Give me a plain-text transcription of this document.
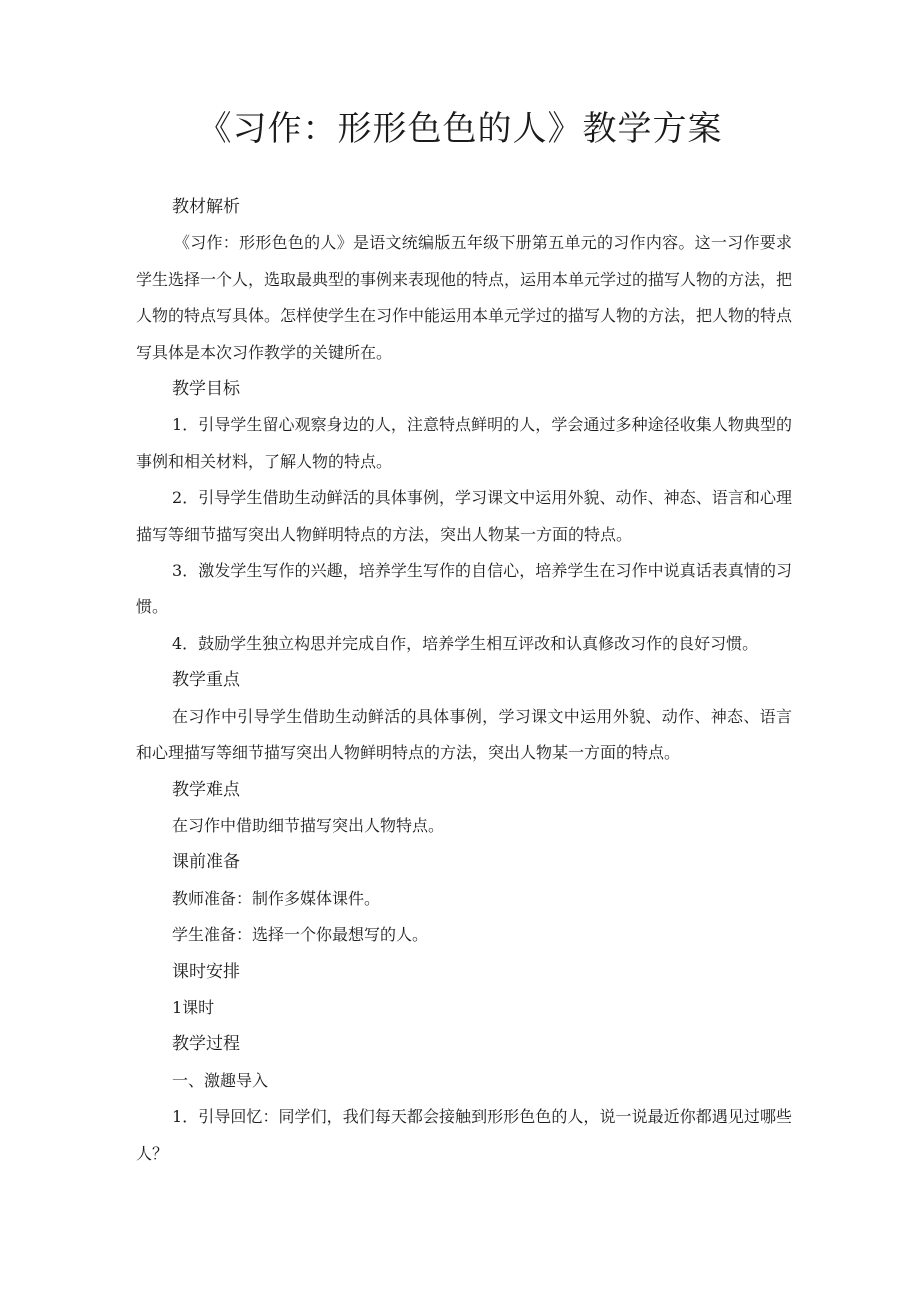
《习作：形形色色的人》教学方案

教材解析

《习作：形形色色的人》是语文统编版五年级下册第五单元的习作内容。这一习作要求学生选择一个人，选取最典型的事例来表现他的特点，运用本单元学过的描写人物的方法，把人物的特点写具体。怎样使学生在习作中能运用本单元学过的描写人物的方法，把人物的特点写具体是本次习作教学的关键所在。

教学目标

1．引导学生留心观察身边的人，注意特点鲜明的人，学会通过多种途径收集人物典型的事例和相关材料，了解人物的特点。

2．引导学生借助生动鲜活的具体事例，学习课文中运用外貌、动作、神态、语言和心理描写等细节描写突出人物鲜明特点的方法，突出人物某一方面的特点。

3．激发学生写作的兴趣，培养学生写作的自信心，培养学生在习作中说真话表真情的习惯。

4．鼓励学生独立构思并完成自作，培养学生相互评改和认真修改习作的良好习惯。

教学重点

在习作中引导学生借助生动鲜活的具体事例，学习课文中运用外貌、动作、神态、语言和心理描写等细节描写突出人物鲜明特点的方法，突出人物某一方面的特点。

教学难点

在习作中借助细节描写突出人物特点。

课前准备

教师准备：制作多媒体课件。

学生准备：选择一个你最想写的人。

课时安排

1课时

教学过程

一、激趣导入

1．引导回忆：同学们，我们每天都会接触到形形色色的人，说一说最近你都遇见过哪些人？
